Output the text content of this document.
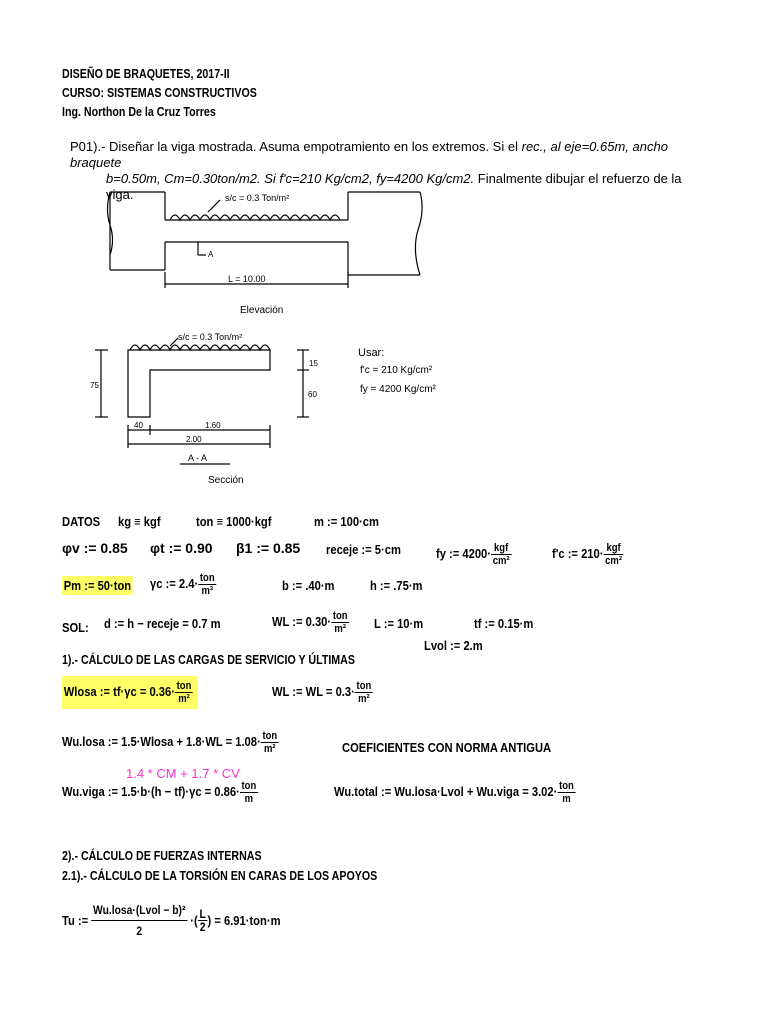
DISEÑO DE BRAQUETES, 2017-II
CURSO: SISTEMAS CONSTRUCTIVOS
Ing. Northon De la Cruz Torres
P01).- Diseñar la viga mostrada. Asuma empotramiento en los extremos. Si el rec., al eje=0.65m, ancho braquete
b=0.50m, Cm=0.30ton/m2. Si f'c=210 Kg/cm2, fy=4200 Kg/cm2. Finalmente dibujar el refuerzo de la viga.	s/c = 0.3 Ton/m²
A
L = 10.00
Elevación
s/c = 0.3 Ton/m²
75
15
60
40	1.60
2.00
A - A
Sección
Usar:
f'c = 210 Kg/cm²
fy = 4200 Kg/cm²
DATOS kg ≡ kgf	ton ≡ 1000·kgf	m := 100·cm
φv := 0.85 φt := 0.90 β1 := 0.85 receje := 5·cm	fy := $4200\cdot \frac{\text{kgf}}{\text{cm²}}$	f'c := $210\cdot \frac{\text{kgf}}{\text{cm²}}$
Pm := 50·ton γc := $2.4\cdot \frac{\text{ton}}{\text{m³}}$	b := .40·m	h := .75·m
SOL: d := h − receje = 0.7 m	WL := $0.30\cdot \frac{\text{ton}}{\text{m²}}$ L := 10·m	tf := 0.15·m
Lvol := 2.m
1).- CÁLCULO DE LAS CARGAS DE SERVICIO Y ÚLTIMAS
Wlosa := $tf\cdot\gamma c = 0.36\cdot \frac{\text{ton}}{\text{m²}}$	WL := WL = $0.3\cdot \frac{\text{ton}}{\text{m²}}$
Wu.losa := 1.5·Wlosa + $1.8\cdot WL = 1.08\cdot \frac{\text{ton}}{\text{m²}}$	COEFICIENTES CON NORMA ANTIGUA
1.4 * CM + 1.7 * CV
Wu.viga := $1.5\cdot b\cdot(h - tf)\cdot\gamma c = 0.86\cdot \frac{\text{ton}}{m}$	Wu.total := Wu.losa·Lvol + Wu.viga = $3.02\cdot \frac{\text{ton}}{m}$
2).- CÁLCULO DE FUERZAS INTERNAS
2.1).- CÁLCULO DE LA TORSIÓN EN CARAS DE LOS APOYOS
Tu := $\frac{\text{Wu.losa·(Lvol − b)²}}{2}$ ·( $\frac{L}{2}$ ) = 6.91·ton·m
